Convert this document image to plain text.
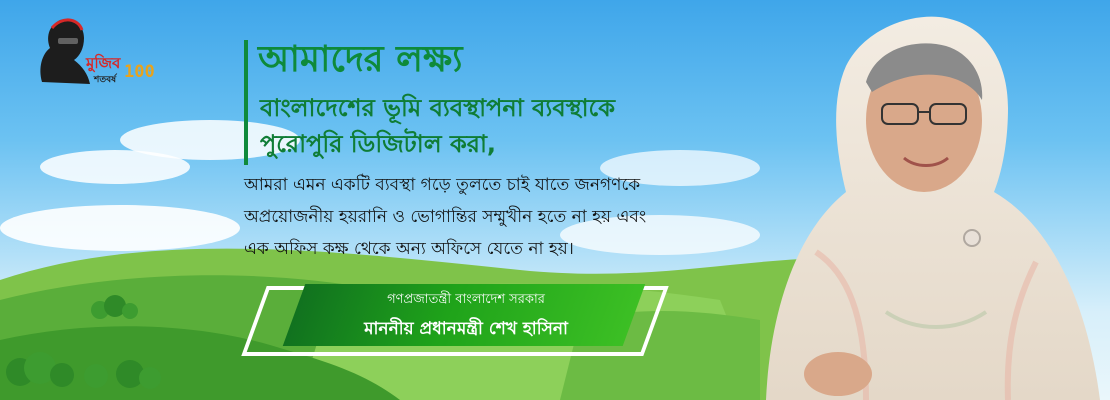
মুজিব 100
শতবর্ষ	আমাদের লক্ষ্য
বাংলাদেশের ভূমি ব্যবস্থাপনা ব্যবস্থাকে
পুরোপুরি ডিজিটাল করা,
আমরা এমন একটি ব্যবস্থা গড়ে তুলতে চাই যাতে জনগণকে
অপ্রয়োজনীয় হয়রানি ও ভোগান্তির সম্মুখীন হতে না হয় এবং
এক অফিস কক্ষ থেকে অন্য অফিসে যেতে না হয়।
গণপ্রজাতন্ত্রী বাংলাদেশ সরকার
মাননীয় প্রধানমন্ত্রী শেখ হাসিনা
